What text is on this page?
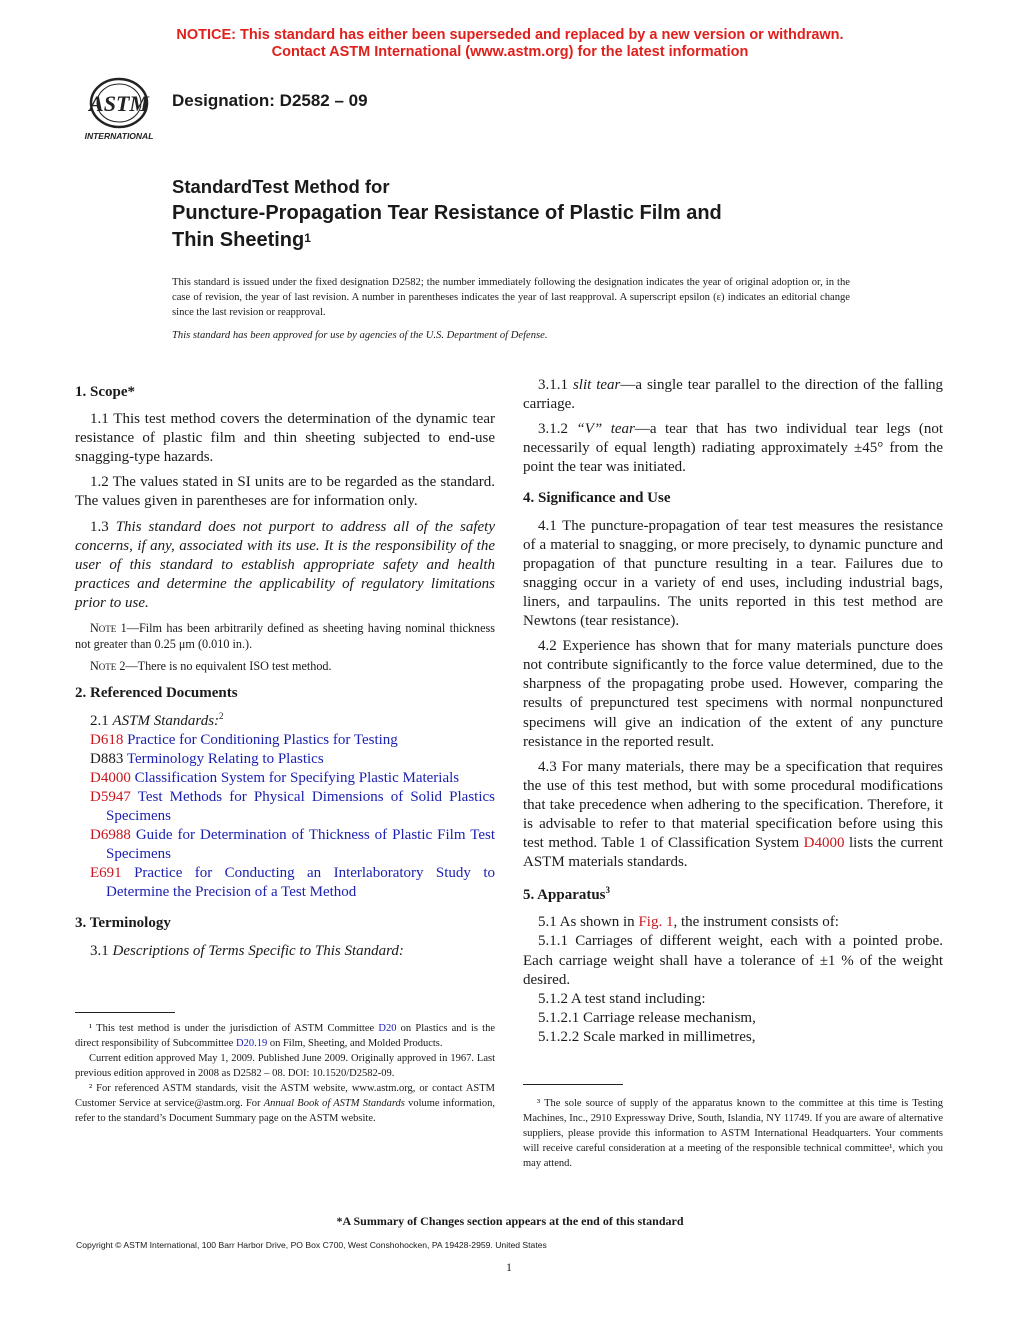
NOTICE: This standard has either been superseded and replaced by a new version or withdrawn.
Contact ASTM International (www.astm.org) for the latest information
ASTM
INTERNATIONAL
Designation: D2582 – 09
StandardTest Method for
Puncture-Propagation Tear Resistance of Plastic Film and
Thin Sheeting$^1$
This standard is issued under the fixed designation D2582; the number immediately following the designation indicates the year of original adoption or, in the case of revision, the year of last revision. A number in parentheses indicates the year of last reapproval. A superscript epsilon (ε) indicates an editorial change since the last revision or reapproval.
This standard has been approved for use by agencies of the U.S. Department of Defense.
1. Scope*

1.1 This test method covers the determination of the dynamic tear resistance of plastic film and thin sheeting subjected to end-use snagging-type hazards.

1.2 The values stated in SI units are to be regarded as the standard. The values given in parentheses are for information only.

1.3 This standard does not purport to address all of the safety concerns, if any, associated with its use. It is the responsibility of the user of this standard to establish appropriate safety and health practices and determine the applicability of regulatory limitations prior to use.

Note 1—Film has been arbitrarily defined as sheeting having nominal thickness not greater than 0.25 μm (0.010 in.).

Note 2—There is no equivalent ISO test method.

2. Referenced Documents

2.1 ASTM Standards:$^2$

D618 Practice for Conditioning Plastics for Testing
D883 Terminology Relating to Plastics
D4000 Classification System for Specifying Plastic Materials
D5947 Test Methods for Physical Dimensions of Solid Plastics Specimens
D6988 Guide for Determination of Thickness of Plastic Film Test Specimens
E691 Practice for Conducting an Interlaboratory Study to Determine the Precision of a Test Method
3. Terminology

3.1 Descriptions of Terms Specific to This Standard:

¹ This test method is under the jurisdiction of ASTM Committee D20 on Plastics and is the direct responsibility of Subcommittee D20.19 on Film, Sheeting, and Molded Products.

Current edition approved May 1, 2009. Published June 2009. Originally approved in 1967. Last previous edition approved in 2008 as D2582 – 08. DOI: 10.1520/D2582-09.

² For referenced ASTM standards, visit the ASTM website, www.astm.org, or contact ASTM Customer Service at service@astm.org. For Annual Book of ASTM Standards volume information, refer to the standard’s Document Summary page on the ASTM website.

3.1.1 slit tear—a single tear parallel to the direction of the falling carriage.

3.1.2 “V” tear—a tear that has two individual tear legs (not necessarily of equal length) radiating approximately ±45° from the point the tear was initiated.

4. Significance and Use

4.1 The puncture-propagation of tear test measures the resistance of a material to snagging, or more precisely, to dynamic puncture and propagation of that puncture resulting in a tear. Failures due to snagging occur in a variety of end uses, including industrial bags, liners, and tarpaulins. The units reported in this test method are Newtons (tear resistance).

4.2 Experience has shown that for many materials puncture does not contribute significantly to the force value determined, due to the sharpness of the propagating probe used. However, comparing the results of prepunctured test specimens with normal nonpunctured specimens will give an indication of the extent of any puncture resistance in the reported result.

4.3 For many materials, there may be a specification that requires the use of this test method, but with some procedural modifications that take precedence when adhering to the specification. Therefore, it is advisable to refer to that material specification before using this test method. Table 1 of Classification System D4000 lists the current ASTM materials standards.

5. Apparatus$^3$

5.1 As shown in Fig. 1, the instrument consists of:

5.1.1 Carriages of different weight, each with a pointed probe. Each carriage weight shall have a tolerance of ±1 % of the weight desired.

5.1.2 A test stand including:

5.1.2.1 Carriage release mechanism,

5.1.2.2 Scale marked in millimetres,

³ The sole source of supply of the apparatus known to the committee at this time is Testing Machines, Inc., 2910 Expressway Drive, South, Islandia, NY 11749. If you are aware of alternative suppliers, please provide this information to ASTM International Headquarters. Your comments will receive careful consideration at a meeting of the responsible technical committee¹, which you may attend.

*A Summary of Changes section appears at the end of this standard
Copyright © ASTM International, 100 Barr Harbor Drive, PO Box C700, West Conshohocken, PA 19428-2959. United States
1
